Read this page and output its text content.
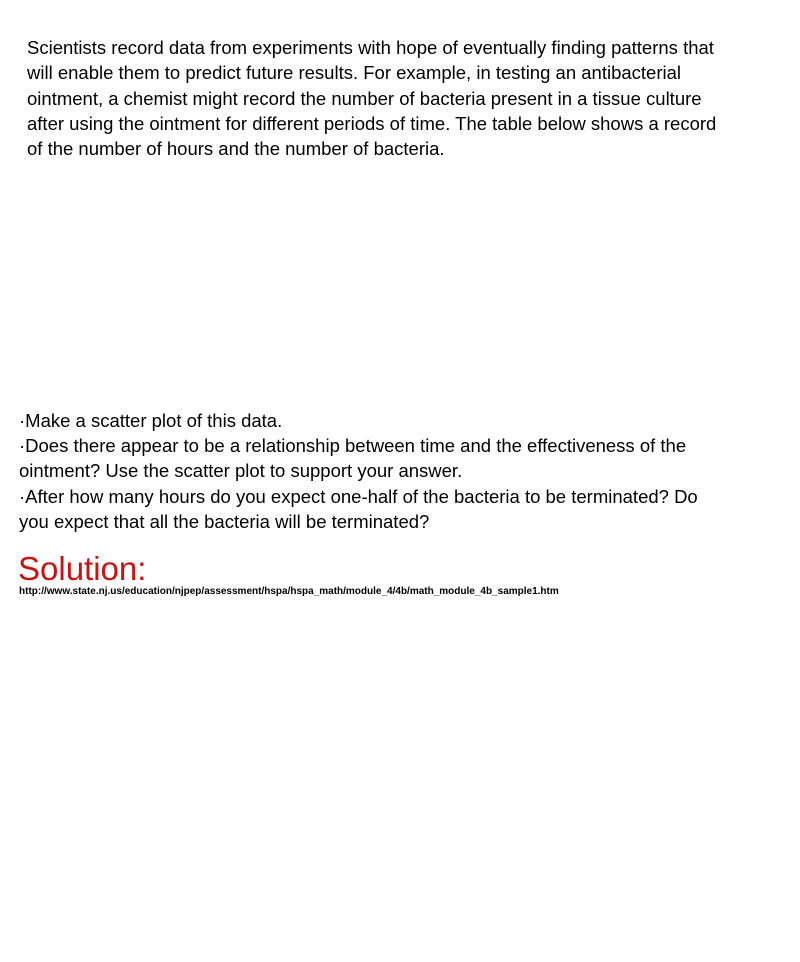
Scientists record data from experiments with hope of eventually finding patterns that
will enable them to predict future results. For example, in testing an antibacterial
ointment, a chemist might record the number of bacteria present in a tissue culture
after using the ointment for different periods of time. The table below shows a record
of the number of hours and the number of bacteria.
·Make a scatter plot of this data.
·Does there appear to be a relationship between time and the effectiveness of the
ointment? Use the scatter plot to support your answer.
·After how many hours do you expect one-half of the bacteria to be terminated? Do
you expect that all the bacteria will be terminated?
Solution:
http://www.state.nj.us/education/njpep/assessment/hspa/hspa_math/module_4/4b/math_module_4b_sample1.htm
